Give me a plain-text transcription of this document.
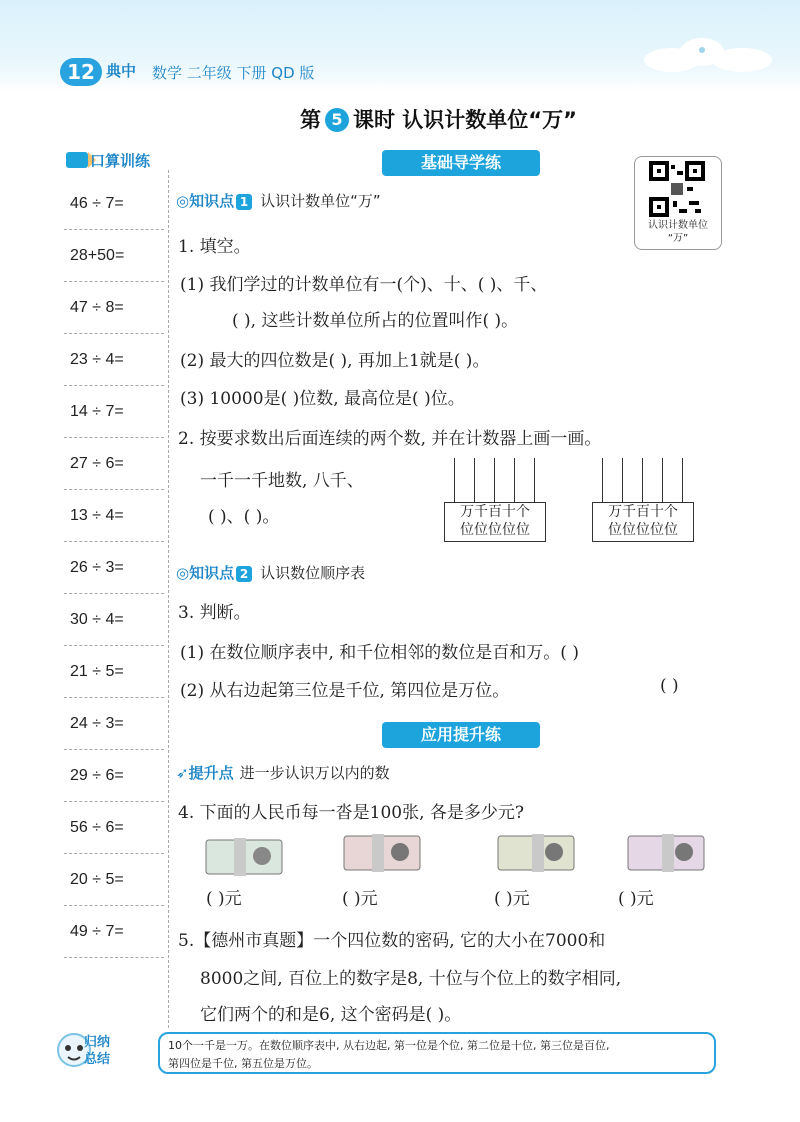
12 典中 数学 二年级 下册 QD 版
第 5 课时 认识计数单位“万”
口算训练
46 ÷ 7=
28+50=
47 ÷ 8=
23 ÷ 4=
14 ÷ 7=
27 ÷ 6=
13 ÷ 4=
26 ÷ 3=
30 ÷ 4=
21 ÷ 5=
24 ÷ 3=
29 ÷ 6=
56 ÷ 6=
20 ÷ 5=
49 ÷ 7=
基础导学练
◎知识点 1 认识计数单位“万”
认识计数单位
“万”
1. 填空。
(1) 我们学过的计数单位有一(个)、十、( )、千、
( ), 这些计数单位所占的位置叫作( )。
(2) 最大的四位数是( ), 再加上1就是( )。
(3) 10000是( )位数, 最高位是( )位。
2. 按要求数出后面连续的两个数, 并在计数器上画一画。
一千一千地数, 八千、
( )、( )。	万千百十个
位位位位位
万千百十个
位位位位位
◎知识点 2 认识数位顺序表
3. 判断。
(1) 在数位顺序表中, 和千位相邻的数位是百和万。( )
(2) 从右边起第三位是千位, 第四位是万位。	( )
应用提升练
➶提升点 进一步认识万以内的数
4. 下面的人民币每一沓是100张, 各是多少元?
( )元	( )元	( )元	( )元
5.【德州市真题】一个四位数的密码, 它的大小在7000和
8000之间, 百位上的数字是8, 十位与个位上的数字相同,
它们两个的和是6, 这个密码是( )。
归纳总结
10个一千是一万。在数位顺序表中, 从右边起, 第一位是个位, 第二位是十位, 第三位是百位,
第四位是千位, 第五位是万位。
